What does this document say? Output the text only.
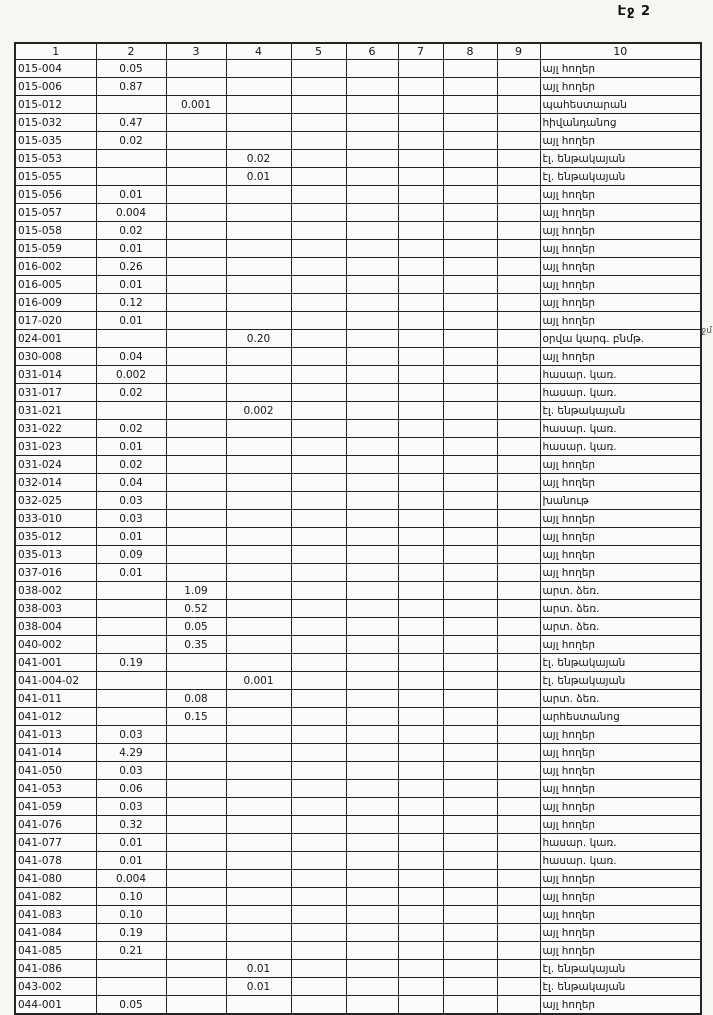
Էջ 2
1	2	3	4	5	6	7	8	9	10
015-004	0.05								այլ հողեր
015-006	0.87								այլ հողեր
015-012		0.001							պահեստարան
015-032	0.47								հիվանդանոց
015-035	0.02								այլ հողեր
015-053			0.02						էլ. ենթակայան
015-055			0.01						էլ. ենթակայան
015-056	0.01								այլ հողեր
015-057	0.004								այլ հողեր
015-058	0.02								այլ հողեր
015-059	0.01								այլ հողեր
016-002	0.26								այլ հողեր
016-005	0.01								այլ հողեր
016-009	0.12								այլ հողեր
017-020	0.01								այլ հողեր
024-001			0.20						օրվա կարգ. բնմթ.
030-008	0.04								այլ հողեր
031-014	0.002								հասար. կառ.
031-017	0.02								հասար. կառ.
031-021			0.002						էլ. ենթակայան
031-022	0.02								հասար. կառ.
031-023	0.01								հասար. կառ.
031-024	0.02								այլ հողեր
032-014	0.04								այլ հողեր
032-025	0.03								խանութ
033-010	0.03								այլ հողեր
035-012	0.01								այլ հողեր
035-013	0.09								այլ հողեր
037-016	0.01								այլ հողեր
038-002		1.09							արտ. ձեռ.
038-003		0.52							արտ. ձեռ.
038-004		0.05							արտ. ձեռ.
040-002		0.35							այլ հողեր
041-001	0.19								էլ. ենթակայան
041-004-02			0.001						էլ. ենթակայան
041-011		0.08							արտ. ձեռ.
041-012		0.15							արհեստանոց
041-013	0.03								այլ հողեր
041-014	4.29								այլ հողեր
041-050	0.03								այլ հողեր
041-053	0.06								այլ հողեր
041-059	0.03								այլ հողեր
041-076	0.32								այլ հողեր
041-077	0.01								հասար. կառ.
041-078	0.01								հասար. կառ.
041-080	0.004								այլ հողեր
041-082	0.10								այլ հողեր
041-083	0.10								այլ հողեր
041-084	0.19								այլ հողեր
041-085	0.21								այլ հողեր
041-086			0.01						էլ. ենթակայան
043-002			0.01						էլ. ենթակայան
044-001	0.05								այլ հողեր
ջմ
